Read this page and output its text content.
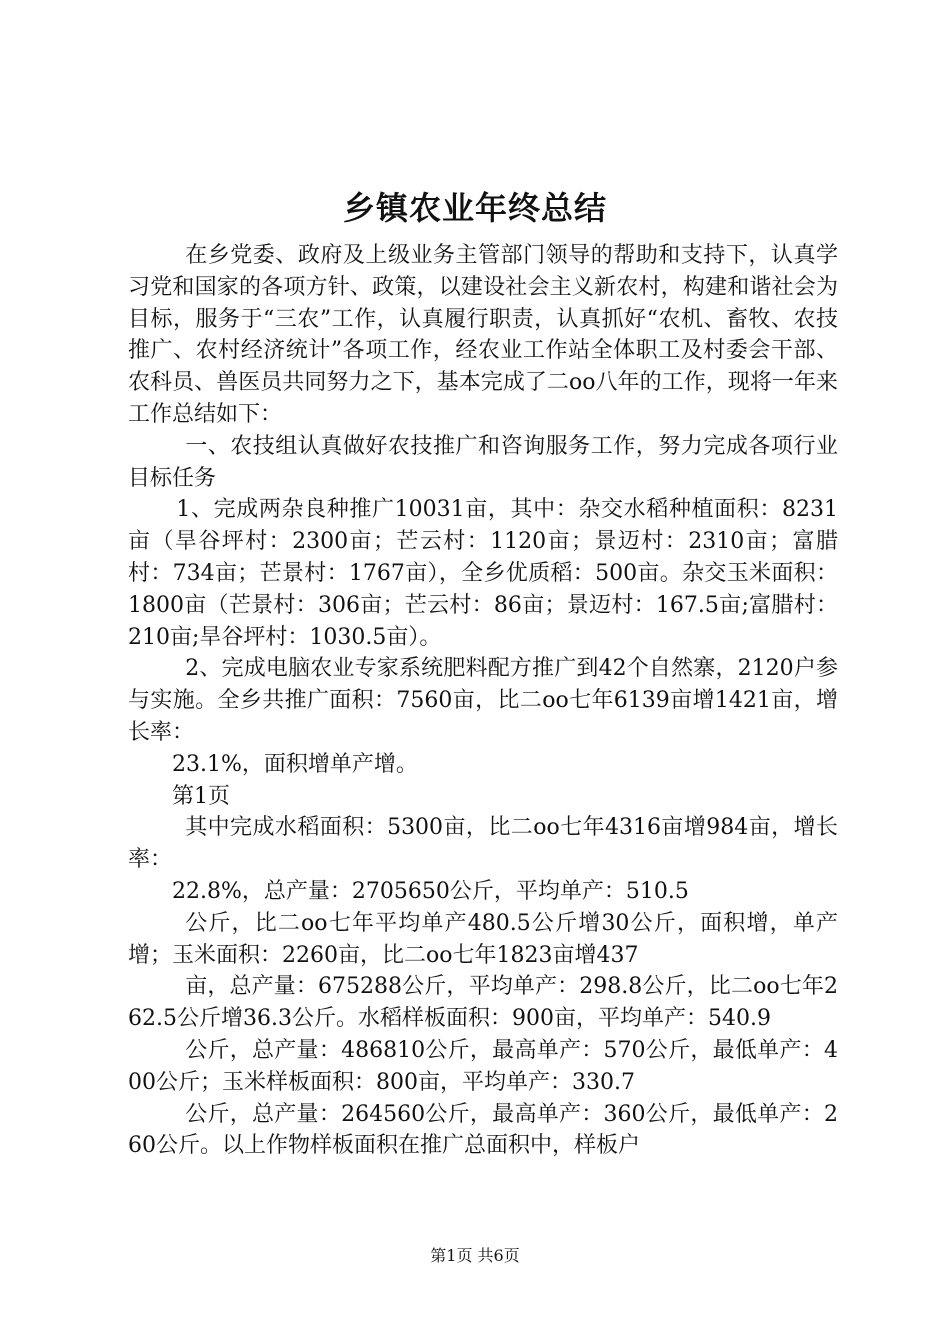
乡镇农业年终总结

在乡党委、政府及上级业务主管部门领导的帮助和支持下，认真学习党和国家的各项方针、政策，以建设社会主义新农村，构建和谐社会为目标，服务于“三农”工作，认真履行职责，认真抓好“农机、畜牧、农技推广、农村经济统计”各项工作，经农业工作站全体职工及村委会干部、农科员、兽医员共同努力之下，基本完成了二oo八年的工作，现将一年来工作总结如下：

一、农技组认真做好农技推广和咨询服务工作，努力完成各项行业目标任务

1、完成两杂良种推广10031亩，其中：杂交水稻种植面积：8231亩（旱谷坪村：2300亩；芒云村：1120亩；景迈村：2310亩；富腊村：734亩；芒景村：1767亩），全乡优质稻：500亩。杂交玉米面积：1800亩（芒景村：306亩；芒云村：86亩；景迈村：167.5亩;富腊村：210亩;旱谷坪村：1030.5亩）。

2、完成电脑农业专家系统肥料配方推广到42个自然寨，2120户参与实施。全乡共推广面积：7560亩，比二oo七年6139亩增1421亩，增长率：

23.1%，面积增单产增。

第1页

其中完成水稻面积：5300亩，比二oo七年4316亩增984亩，增长率：

22.8%，总产量：2705650公斤，平均单产：510.5

公斤，比二oo七年平均单产480.5公斤增30公斤，面积增，单产增；玉米面积：2260亩，比二oo七年1823亩增437

亩，总产量：675288公斤，平均单产：298.8公斤，比二oo七年262.5公斤增36.3公斤。水稻样板面积：900亩，平均单产：540.9

公斤，总产量：486810公斤，最高单产：570公斤，最低单产：400公斤；玉米样板面积：800亩，平均单产：330.7

公斤，总产量：264560公斤，最高单产：360公斤，最低单产：260公斤。以上作物样板面积在推广总面积中，样板户

第1页 共6页
